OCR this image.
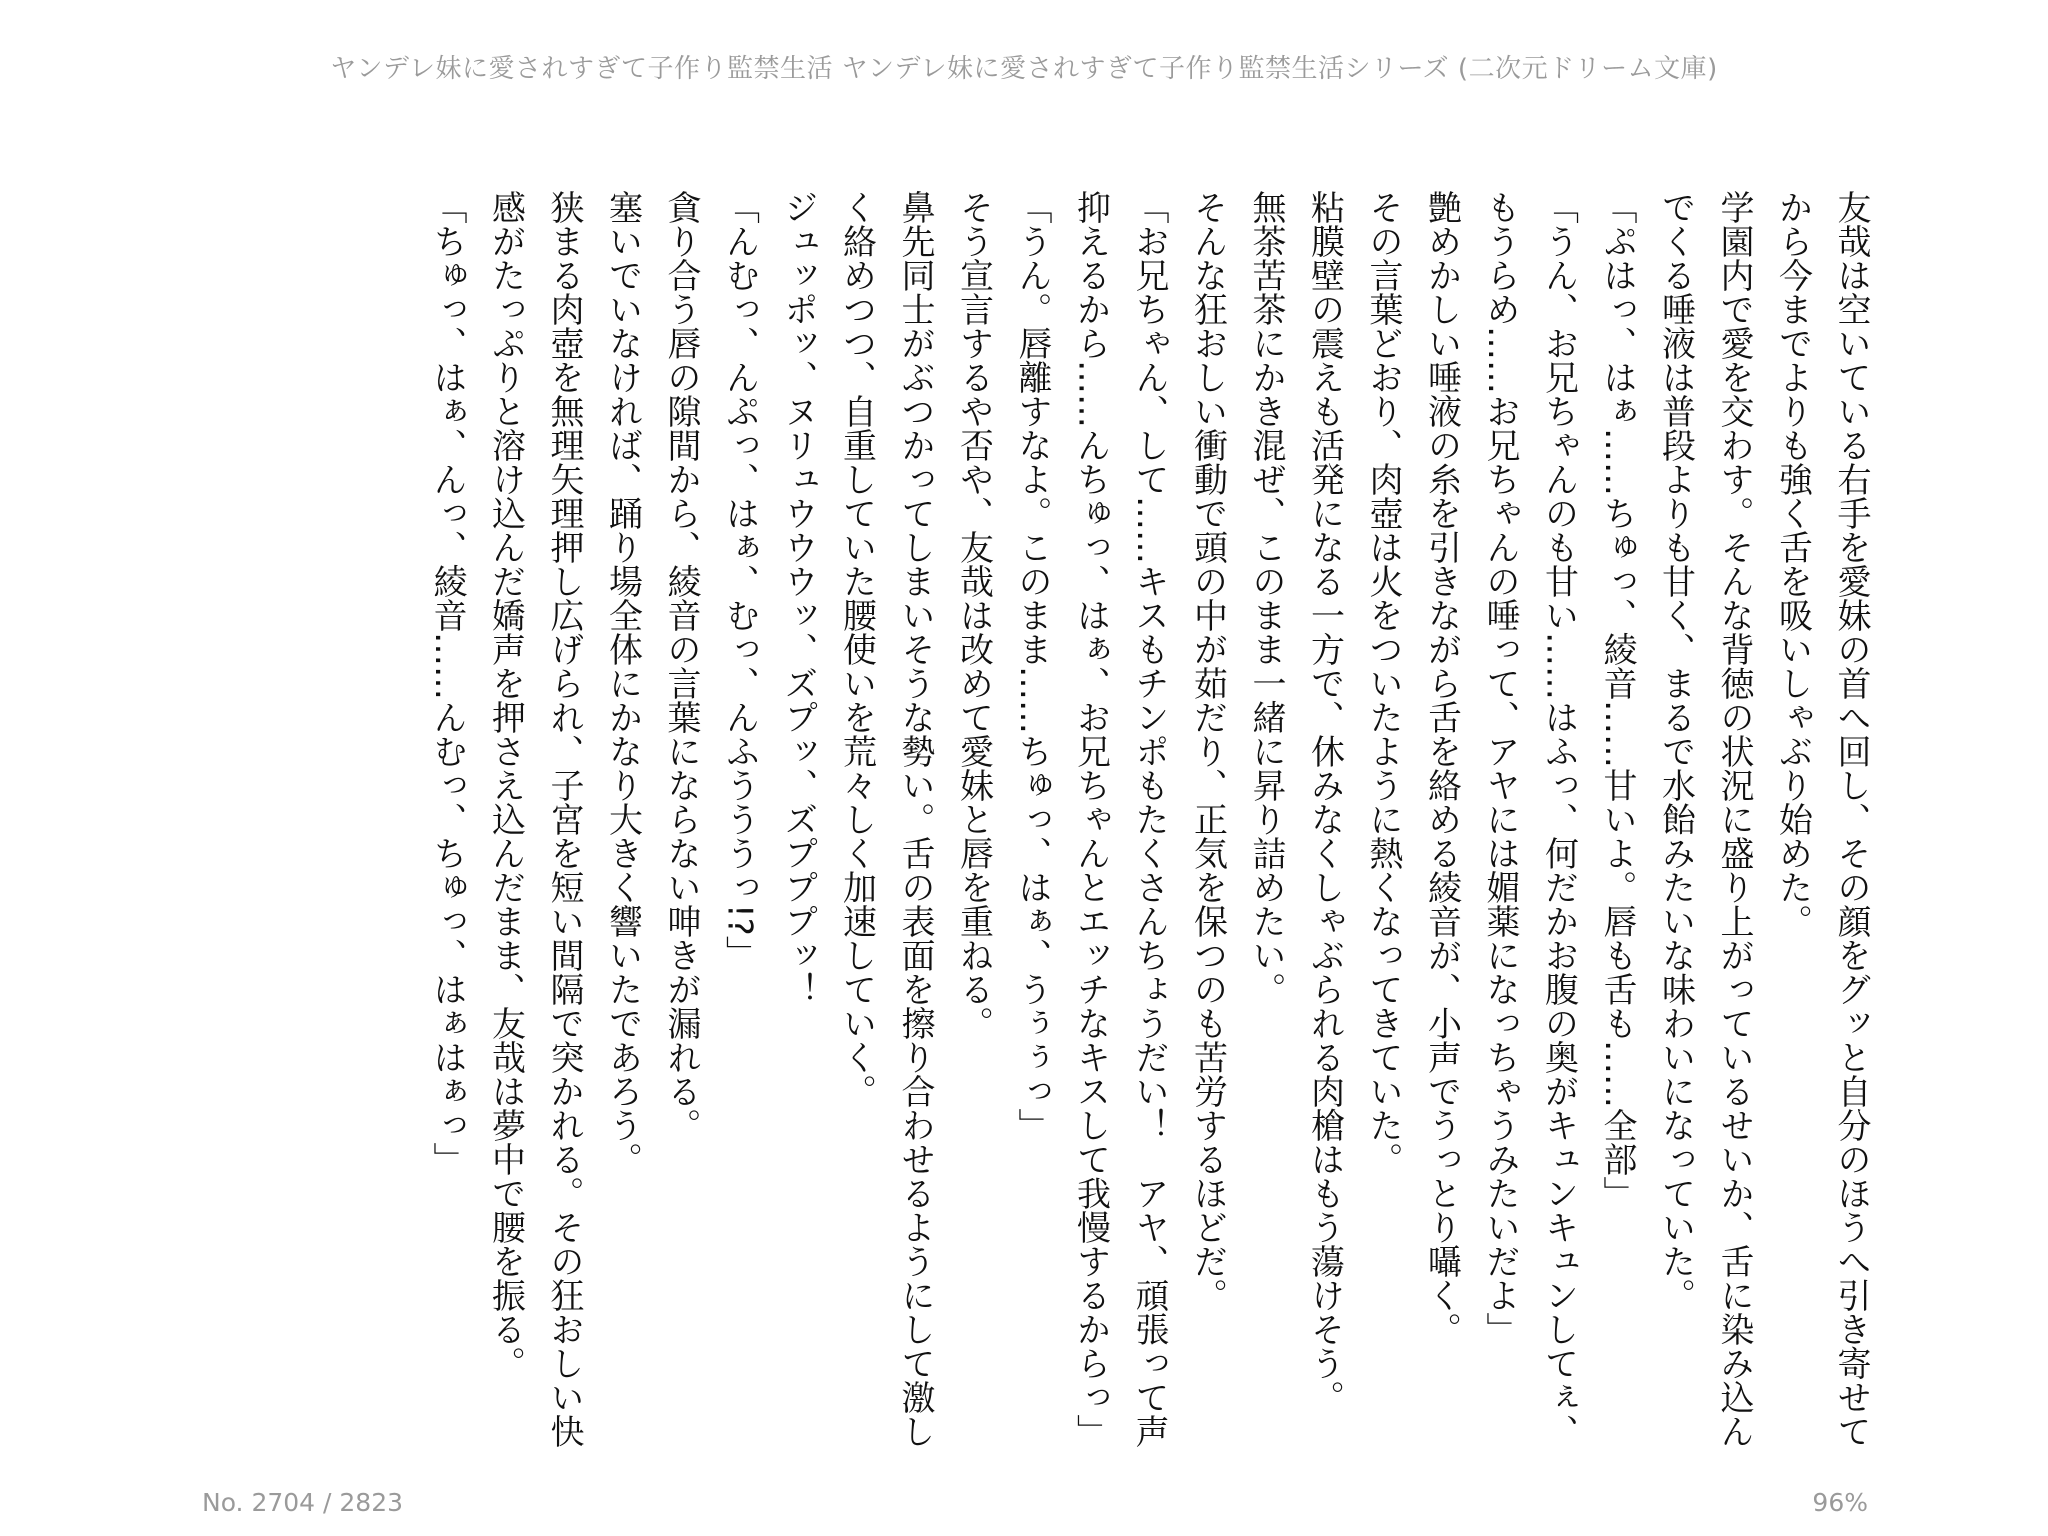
ヤンデレ妹に愛されすぎて子作り監禁生活 ヤンデレ妹に愛されすぎて子作り監禁生活シリーズ (二次元ドリーム文庫)

友哉は空いている右手を愛妹の首へ回し、その顔をグッと自分のほうへ引き寄せてから今までよりも強く舌を吸いしゃぶり始めた。

学園内で愛を交わす。そんな背徳の状況に盛り上がっているせいか、舌に染み込んでくる唾液は普段よりも甘く、まるで水飴みたいな味わいになっていた。

「ぷはっ、はぁ……ちゅっ、綾音……甘いよ。唇も舌も……全部」

「うん、お兄ちゃんのも甘い……はふっ、何だかお腹の奥がキュンキュンしてぇ、もうらめ……お兄ちゃんの唾って、アヤには媚薬になっちゃうみたいだよ」

艶めかしい唾液の糸を引きながら舌を絡める綾音が、小声でうっとり囁く。

その言葉どおり、肉壺は火をついたように熱くなってきていた。

粘膜壁の震えも活発になる一方で、休みなくしゃぶられる肉槍はもう蕩けそう。

無茶苦茶にかき混ぜ、このまま一緒に昇り詰めたい。

そんな狂おしい衝動で頭の中が茹だり、正気を保つのも苦労するほどだ。

「お兄ちゃん、して……キスもチンポもたくさんちょうだい！　アヤ、頑張って声抑えるから……んちゅっ、はぁ、お兄ちゃんとエッチなキスして我慢するからっ」

「うん。唇離すなよ。このまま……ちゅっ、はぁ、うぅぅっ」

そう宣言するや否や、友哉は改めて愛妹と唇を重ねる。

鼻先同士がぶつかってしまいそうな勢い。舌の表面を擦り合わせるようにして激しく絡めつつ、自重していた腰使いを荒々しく加速していく。

ジュッポッ、ヌリュウウウッ、ズプッ、ズプププッ！

「んむっ、んぷっ、はぁ、むっ、んふうううっ!?」

貪り合う唇の隙間から、綾音の言葉にならない呻きが漏れる。

塞いでいなければ、踊り場全体にかなり大きく響いたであろう。

狭まる肉壺を無理矢理押し広げられ、子宮を短い間隔で突かれる。その狂おしい快感がたっぷりと溶け込んだ嬌声を押さえ込んだまま、友哉は夢中で腰を振る。

「ちゅっ、はぁ、んっ、綾音……んむっ、ちゅっ、はぁはぁっ」

No. 2704 / 2823	96%
